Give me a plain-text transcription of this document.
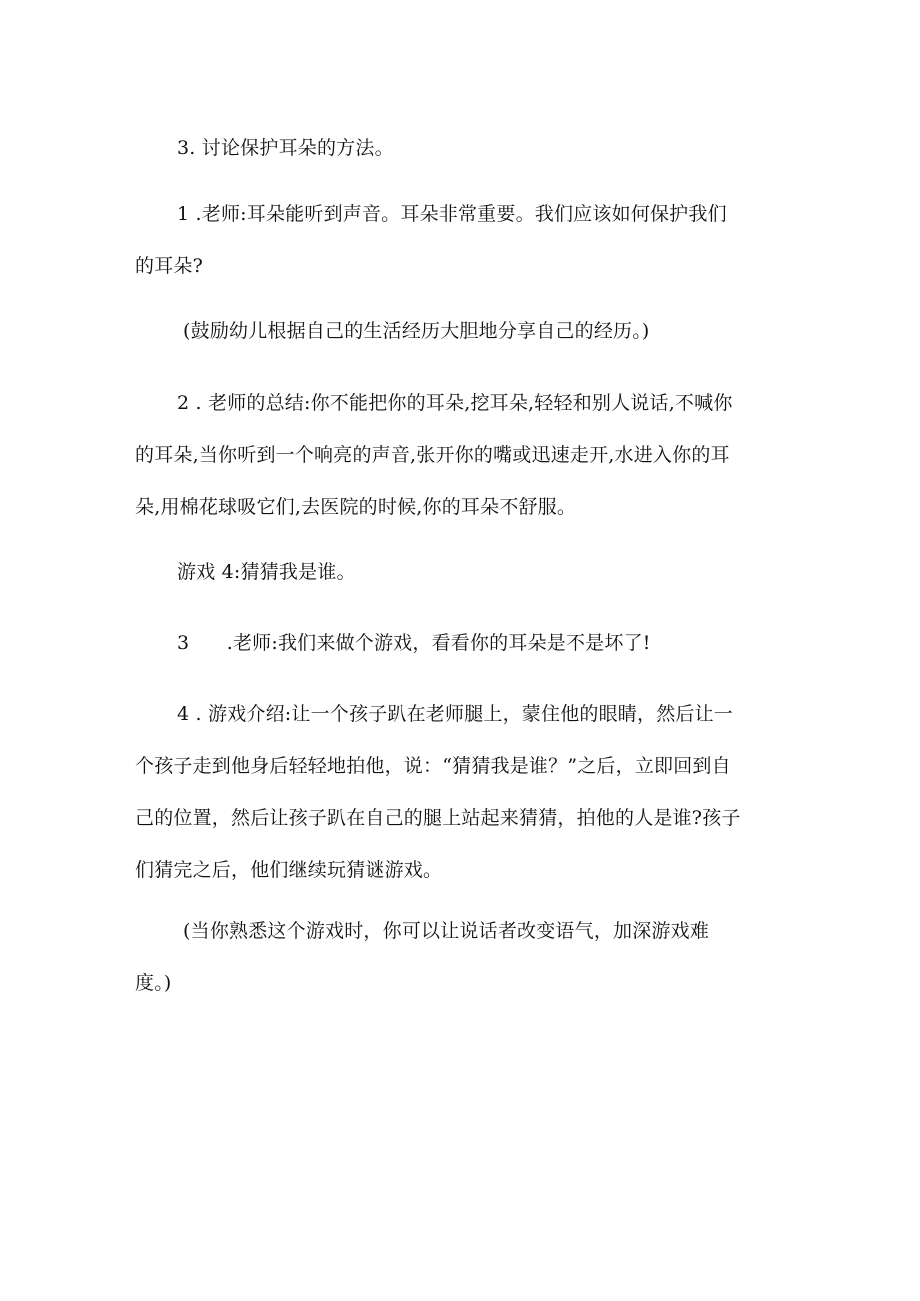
3. 讨论保护耳朵的方法。
1 .老师:耳朵能听到声音。耳朵非常重要。我们应该如何保护我们
的耳朵?
(鼓励幼儿根据自己的生活经历大胆地分享自己的经历。)
2 . 老师的总结:你不能把你的耳朵,挖耳朵,轻轻和别人说话,不喊你
的耳朵,当你听到一个响亮的声音,张开你的嘴或迅速走开,水进入你的耳
朵,用棉花球吸它们,去医院的时候,你的耳朵不舒服。
游戏 4:猜猜我是谁。
3      .老师:我们来做个游戏，看看你的耳朵是不是坏了!
4 . 游戏介绍:让一个孩子趴在老师腿上，蒙住他的眼睛，然后让一
个孩子走到他身后轻轻地拍他，说：“猜猜我是谁？”之后，立即回到自
己的位置，然后让孩子趴在自己的腿上站起来猜猜，拍他的人是谁?孩子
们猜完之后，他们继续玩猜谜游戏。
(当你熟悉这个游戏时，你可以让说话者改变语气，加深游戏难
度。)
